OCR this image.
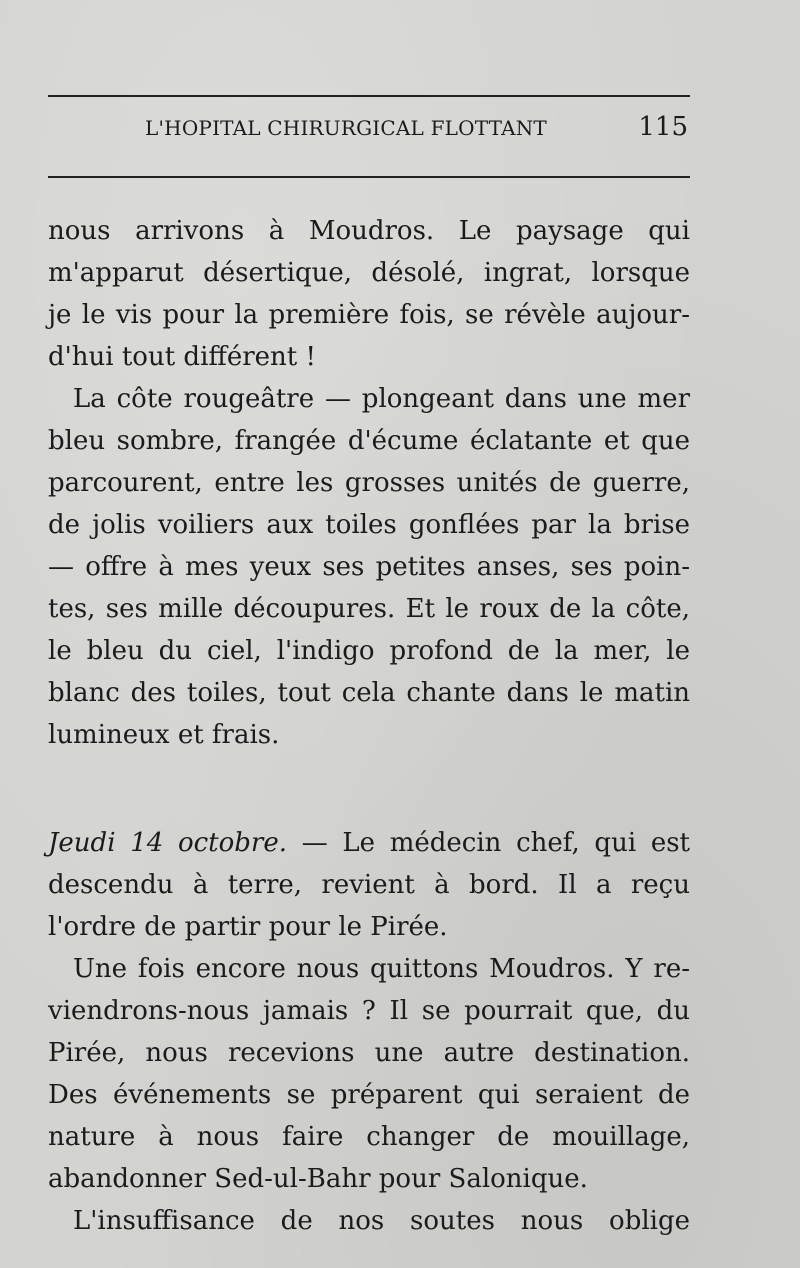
L'HOPITAL CHIRURGICAL FLOTTANT	115
nous arrivons à Moudros. Le paysage qui
m'apparut désertique, désolé, ingrat, lorsque
je le vis pour la première fois, se révèle aujour-
d'hui tout différent !
La côte rougeâtre — plongeant dans une mer
bleu sombre, frangée d'écume éclatante et que
parcourent, entre les grosses unités de guerre,
de jolis voiliers aux toiles gonflées par la brise
— offre à mes yeux ses petites anses, ses poin-
tes, ses mille découpures. Et le roux de la côte,
le bleu du ciel, l'indigo profond de la mer, le
blanc des toiles, tout cela chante dans le matin
lumineux et frais.
Jeudi 14 octobre. — Le médecin chef, qui est
descendu à terre, revient à bord. Il a reçu
l'ordre de partir pour le Pirée.
Une fois encore nous quittons Moudros. Y re-
viendrons-nous jamais ? Il se pourrait que, du
Pirée, nous recevions une autre destination.
Des événements se préparent qui seraient de
nature à nous faire changer de mouillage,
abandonner Sed-ul-Bahr pour Salonique.
L'insuffisance de nos soutes nous oblige
